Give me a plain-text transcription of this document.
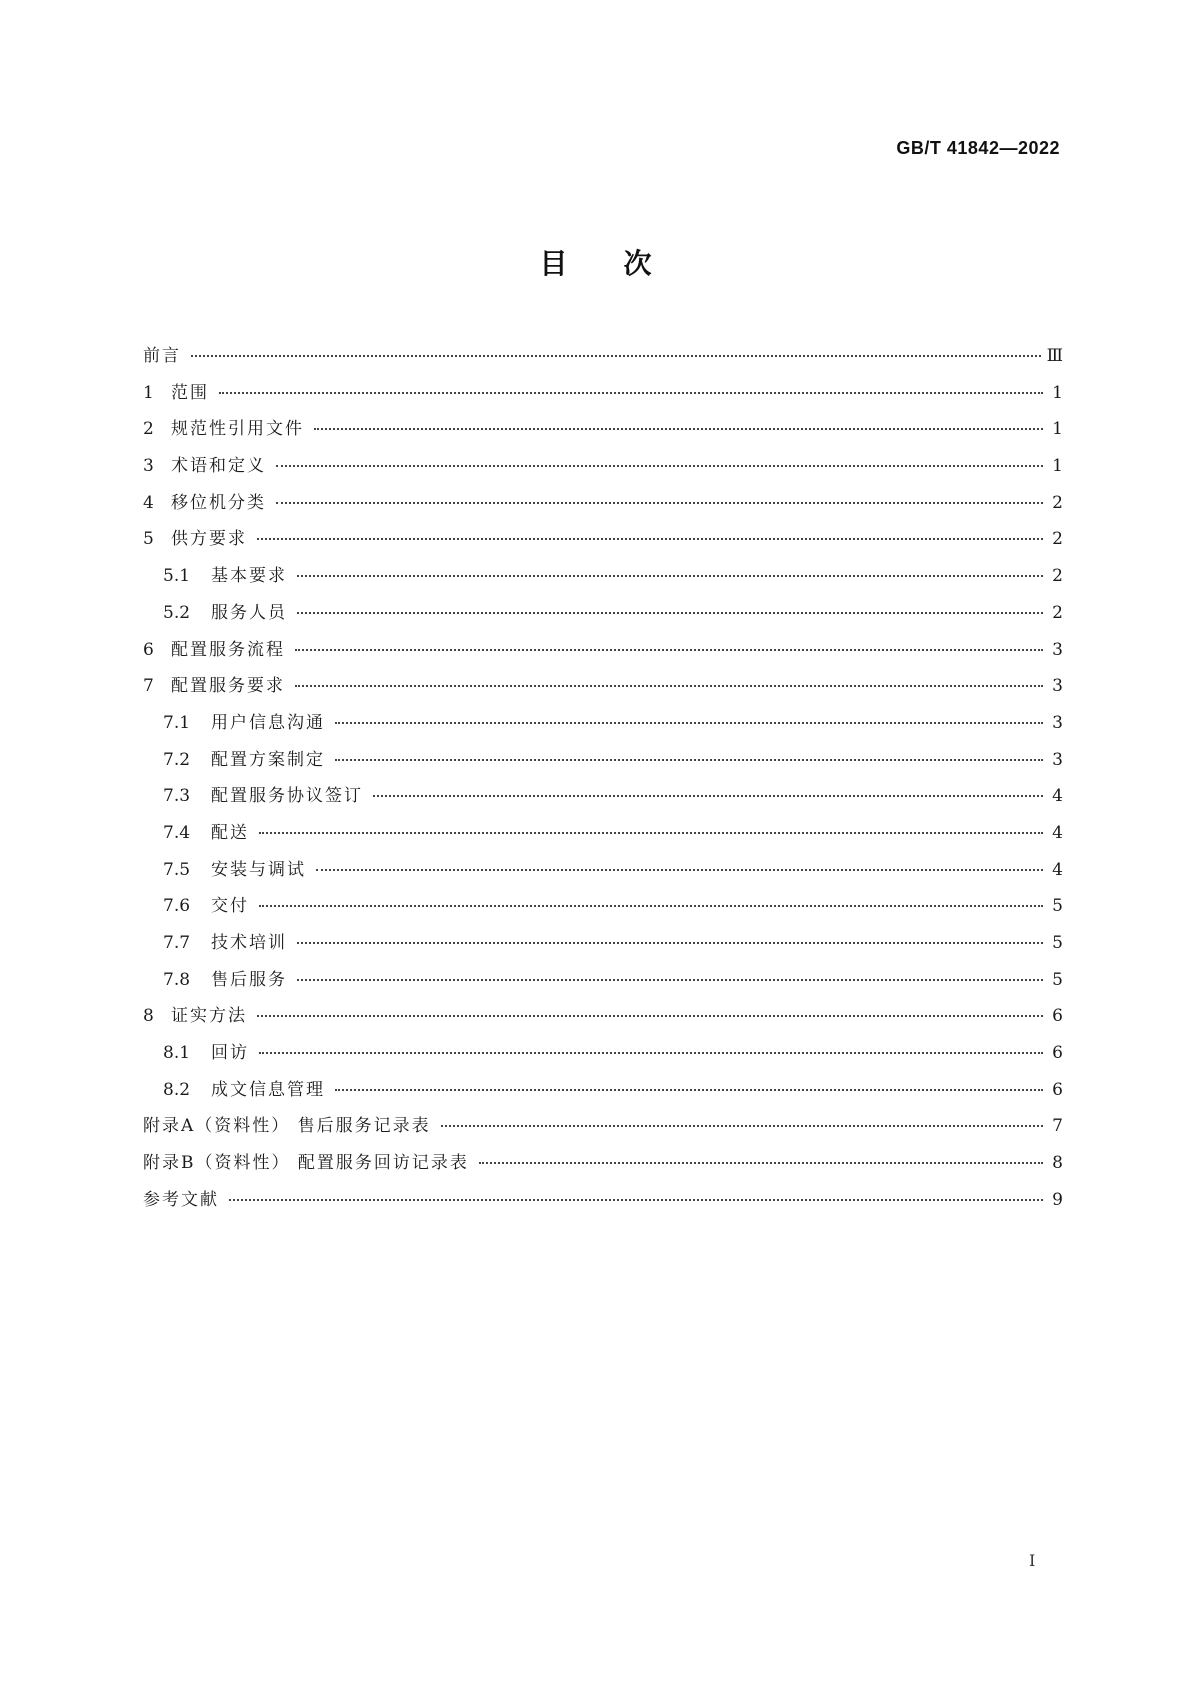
GB/T 41842—2022
目次
前言	Ⅲ
1	范围	1
2	规范性引用文件	1
3	术语和定义	1
4	移位机分类	2
5	供方要求	2
5.1	基本要求	2
5.2	服务人员	2
6	配置服务流程	3
7	配置服务要求	3
7.1	用户信息沟通	3
7.2	配置方案制定	3
7.3	配置服务协议签订	4
7.4	配送	4
7.5	安装与调试	4
7.6	交付	5
7.7	技术培训	5
7.8	售后服务	5
8	证实方法	6
8.1	回访	6
8.2	成文信息管理	6
附录A（资料性） 售后服务记录表	7
附录B（资料性） 配置服务回访记录表	8
参考文献	9
I
